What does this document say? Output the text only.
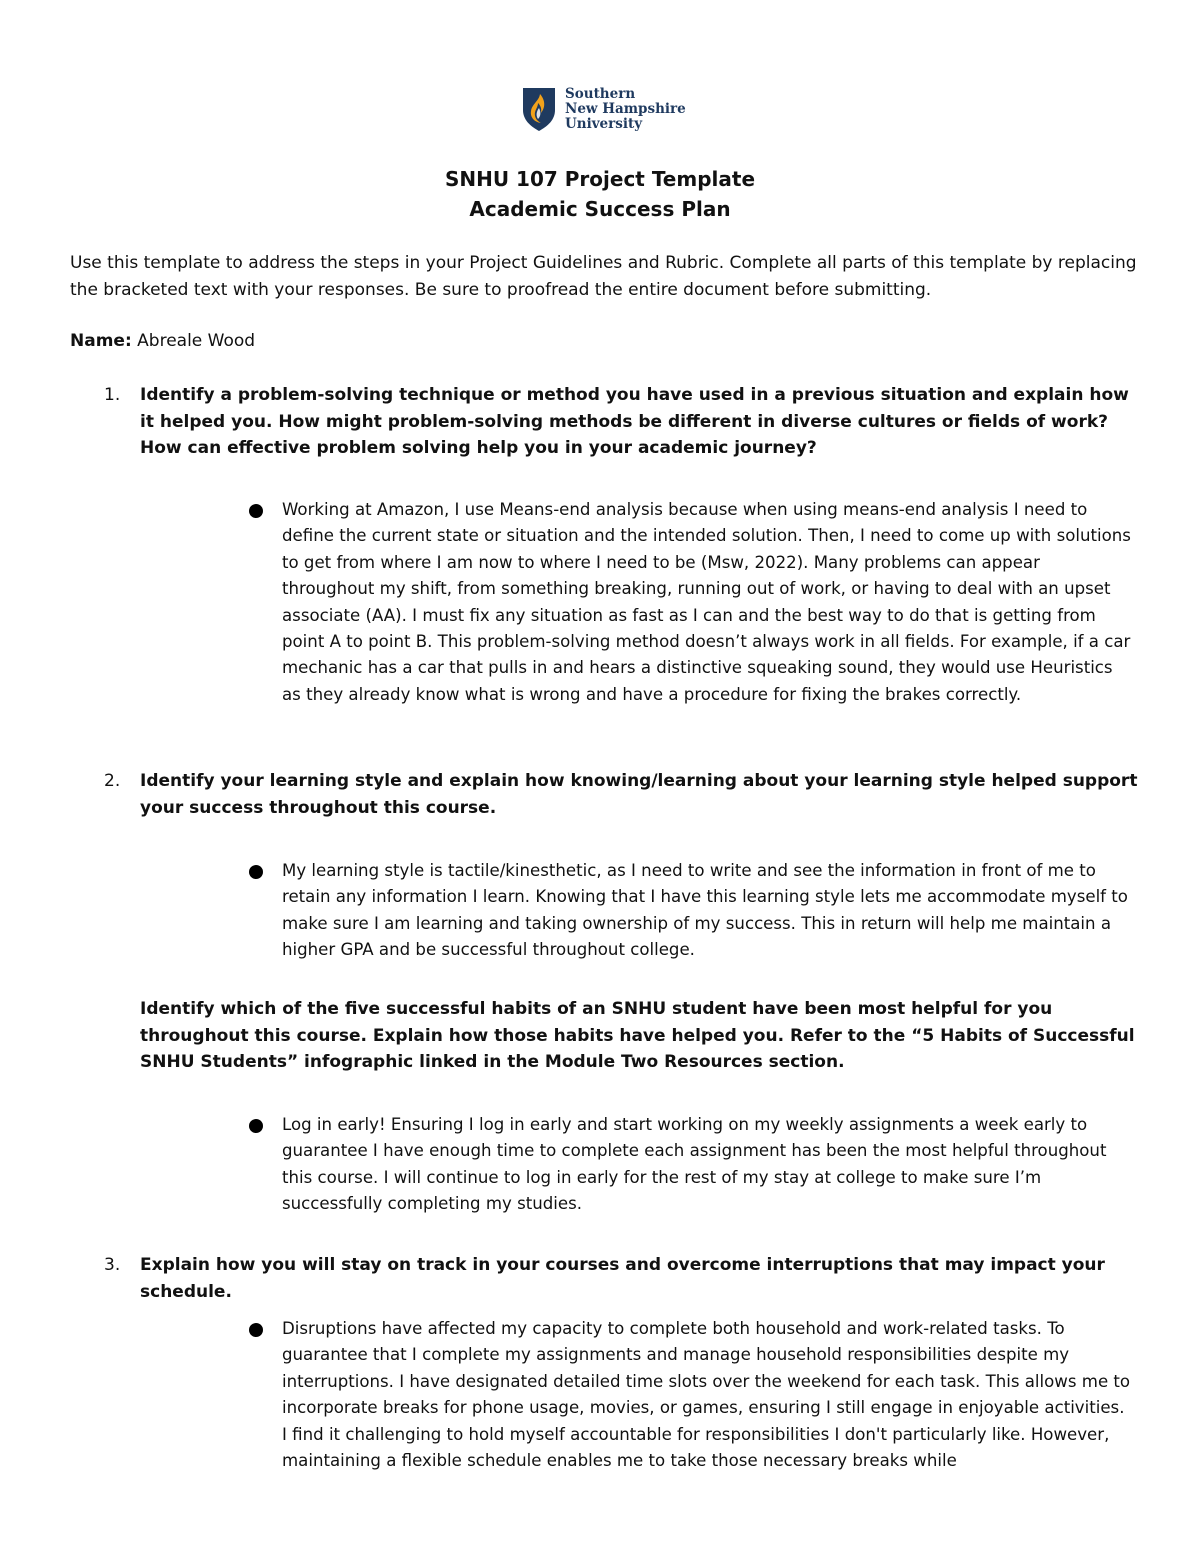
Southern
New Hampshire
University
SNHU 107 Project Template
Academic Success Plan
Use this template to address the steps in your Project Guidelines and Rubric. Complete all parts of this template by replacing the bracketed text with your responses. Be sure to proofread the entire document before submitting.
Name: Abreale Wood
1. Identify a problem-solving technique or method you have used in a previous situation and explain how it helped you. How might problem-solving methods be different in diverse cultures or fields of work? How can effective problem solving help you in your academic journey?
Working at Amazon, I use Means-end analysis because when using means-end analysis I need to define the current state or situation and the intended solution. Then, I need to come up with solutions to get from where I am now to where I need to be (Msw, 2022). Many problems can appear throughout my shift, from something breaking, running out of work, or having to deal with an upset associate (AA). I must fix any situation as fast as I can and the best way to do that is getting from point A to point B. This problem-solving method doesn’t always work in all fields. For example, if a car mechanic has a car that pulls in and hears a distinctive squeaking sound, they would use Heuristics as they already know what is wrong and have a procedure for fixing the brakes correctly.
2. Identify your learning style and explain how knowing/learning about your learning style helped support your success throughout this course.
My learning style is tactile/kinesthetic, as I need to write and see the information in front of me to retain any information I learn. Knowing that I have this learning style lets me accommodate myself to make sure I am learning and taking ownership of my success. This in return will help me maintain a higher GPA and be successful throughout college.
Identify which of the five successful habits of an SNHU student have been most helpful for you throughout this course. Explain how those habits have helped you. Refer to the “5 Habits of Successful SNHU Students” infographic linked in the Module Two Resources section.
Log in early! Ensuring I log in early and start working on my weekly assignments a week early to guarantee I have enough time to complete each assignment has been the most helpful throughout this course. I will continue to log in early for the rest of my stay at college to make sure I’m successfully completing my studies.
3. Explain how you will stay on track in your courses and overcome interruptions that may impact your schedule.
Disruptions have affected my capacity to complete both household and work-related tasks. To guarantee that I complete my assignments and manage household responsibilities despite my interruptions. I have designated detailed time slots over the weekend for each task. This allows me to incorporate breaks for phone usage, movies, or games, ensuring I still engage in enjoyable activities. I find it challenging to hold myself accountable for responsibilities I don't particularly like. However, maintaining a flexible schedule enables me to take those necessary breaks while
